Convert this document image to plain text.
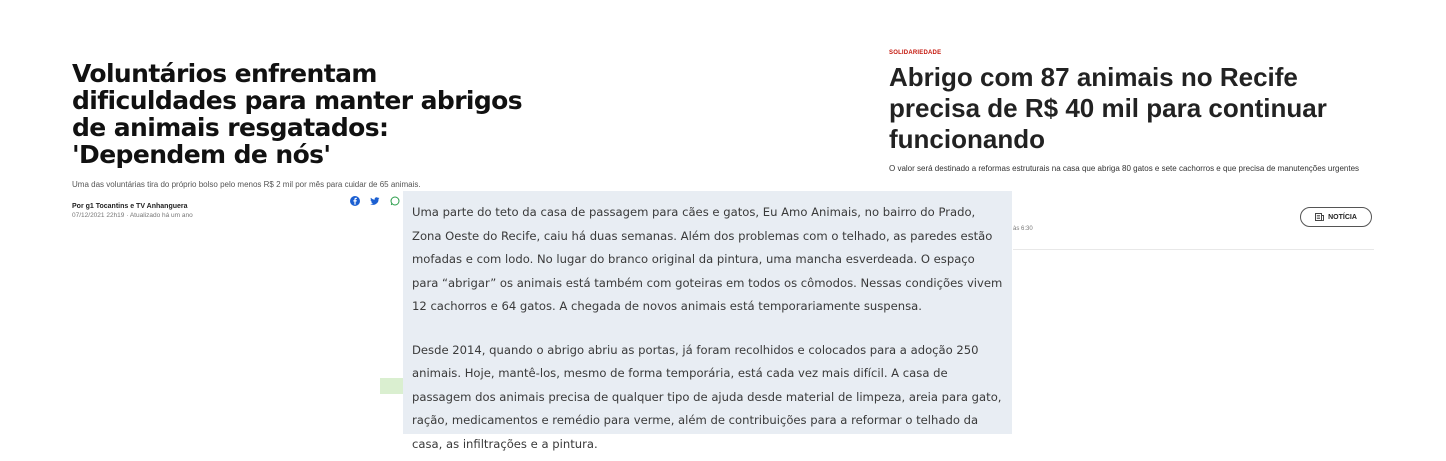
Voluntários enfrentam dificuldades para manter abrigos de animais resgatados: 'Dependem de nós'
Uma das voluntárias tira do próprio bolso pelo menos R$ 2 mil por mês para cuidar de 65 animais.
Por g1 Tocantins e TV Anhanguera
07/12/2021 22h19 · Atualizado há um ano
SOLIDARIEDADE
Abrigo com 87 animais no Recife precisa de R$ 40 mil para continuar funcionando
O valor será destinado a reformas estruturais na casa que abriga 80 gatos e sete cachorros e que precisa de manutenções urgentes
às 6:30
NOTÍCIA

Uma parte do teto da casa de passagem para cães e gatos, Eu Amo Animais, no bairro do Prado, Zona Oeste do Recife, caiu há duas semanas. Além dos problemas com o telhado, as paredes estão mofadas e com lodo. No lugar do branco original da pintura, uma mancha esverdeada. O espaço para “abrigar” os animais está também com goteiras em todos os cômodos. Nessas condições vivem 12 cachorros e 64 gatos. A chegada de novos animais está temporariamente suspensa.

Desde 2014, quando o abrigo abriu as portas, já foram recolhidos e colocados para a adoção 250 animais. Hoje, mantê-los, mesmo de forma temporária, está cada vez mais difícil. A casa de passagem dos animais precisa de qualquer tipo de ajuda desde material de limpeza, areia para gato, ração, medicamentos e remédio para verme, além de contribuições para a reformar o telhado da casa, as infiltrações e a pintura.
